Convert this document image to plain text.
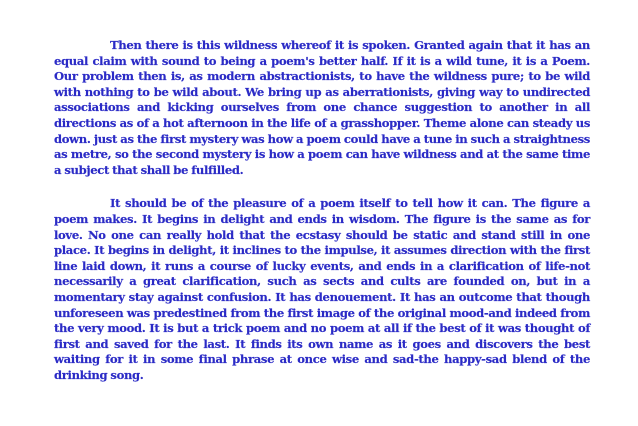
Then there is this wildness whereof it is spoken. Granted again that it has an equal claim with sound to being a poem's better half. If it is a wild tune, it is a Poem. Our problem then is, as modern abstractionists, to have the wildness pure; to be wild with nothing to be wild about. We bring up as aberrationists, giving way to undirected associations and kicking ourselves from one chance suggestion to another in all directions as of a hot afternoon in the life of a grasshopper. Theme alone can steady us down. just as the first mystery was how a poem could have a tune in such a straightness as metre, so the second mystery is how a poem can have wildness and at the same time a subject that shall be fulfilled.

It should be of the pleasure of a poem itself to tell how it can. The figure a poem makes. It begins in delight and ends in wisdom. The figure is the same as for love. No one can really hold that the ecstasy should be static and stand still in one place. It begins in delight, it inclines to the impulse, it assumes direction with the first line laid down, it runs a course of lucky events, and ends in a clarification of life-not necessarily a great clarification, such as sects and cults are founded on, but in a momentary stay against confusion. It has denouement. It has an outcome that though unforeseen was predestined from the first image of the original mood-and indeed from the very mood. It is but a trick poem and no poem at all if the best of it was thought of first and saved for the last. It finds its own name as it goes and discovers the best waiting for it in some final phrase at once wise and sad-the happy-sad blend of the drinking song.
